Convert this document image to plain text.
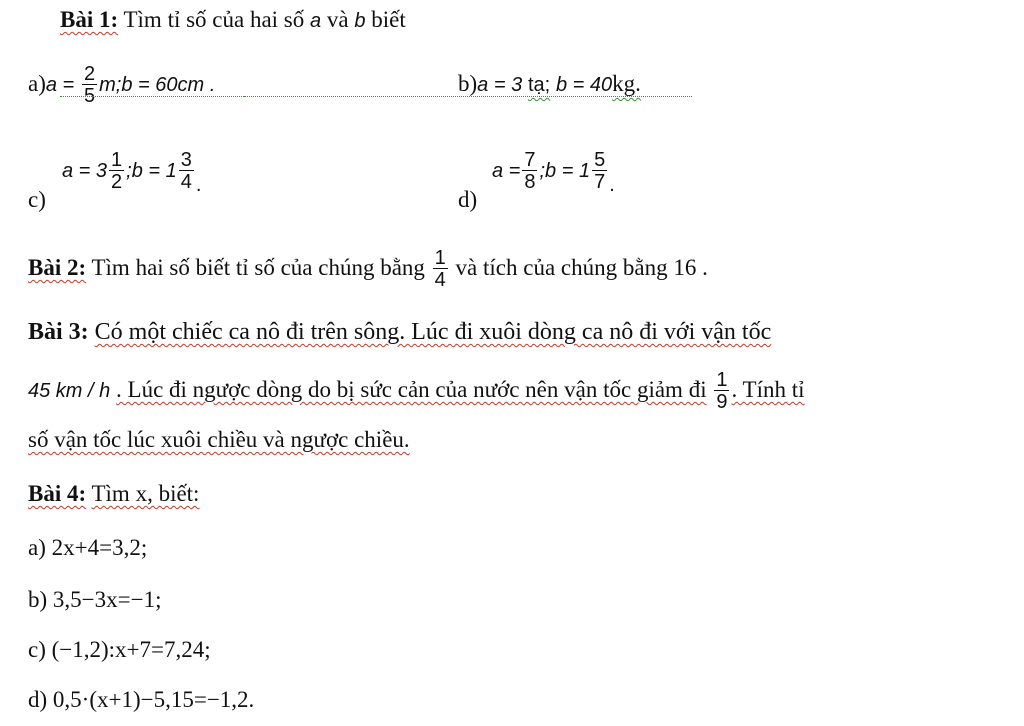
Bài 1: Tìm tỉ số của hai số a và b biết
$a)a = \frac{2}{5}$ m;b = 60cm .	b)a = 3 tạ; b = 40kg.
c)
$a = 3 \frac{1}{2}$ ;b = $1 \frac{3}{4}$ .
d)
$a = \frac{7}{8}$ ;b = $1 \frac{5}{7}$ .
Bài 2: Tìm hai số biết tỉ số của chúng bằng $\frac{1}{4}$ và tích của chúng bằng 16 .
Bài 3: Có một chiếc ca nô đi trên sông. Lúc đi xuôi dòng ca nô đi với vận tốc
45 km / h . Lúc đi ngược dòng do bị sức cản của nước nên vận tốc giảm đi $\frac{1}{9}$ . Tính tỉ
số vận tốc lúc xuôi chiều và ngược chiều.
Bài 4: Tìm x, biết:
a) 2x+4=3,2;
b) 3,5−3x=−1;
c) (−1,2):x+7=7,24;
d) 0,5·(x+1)−5,15=−1,2.
